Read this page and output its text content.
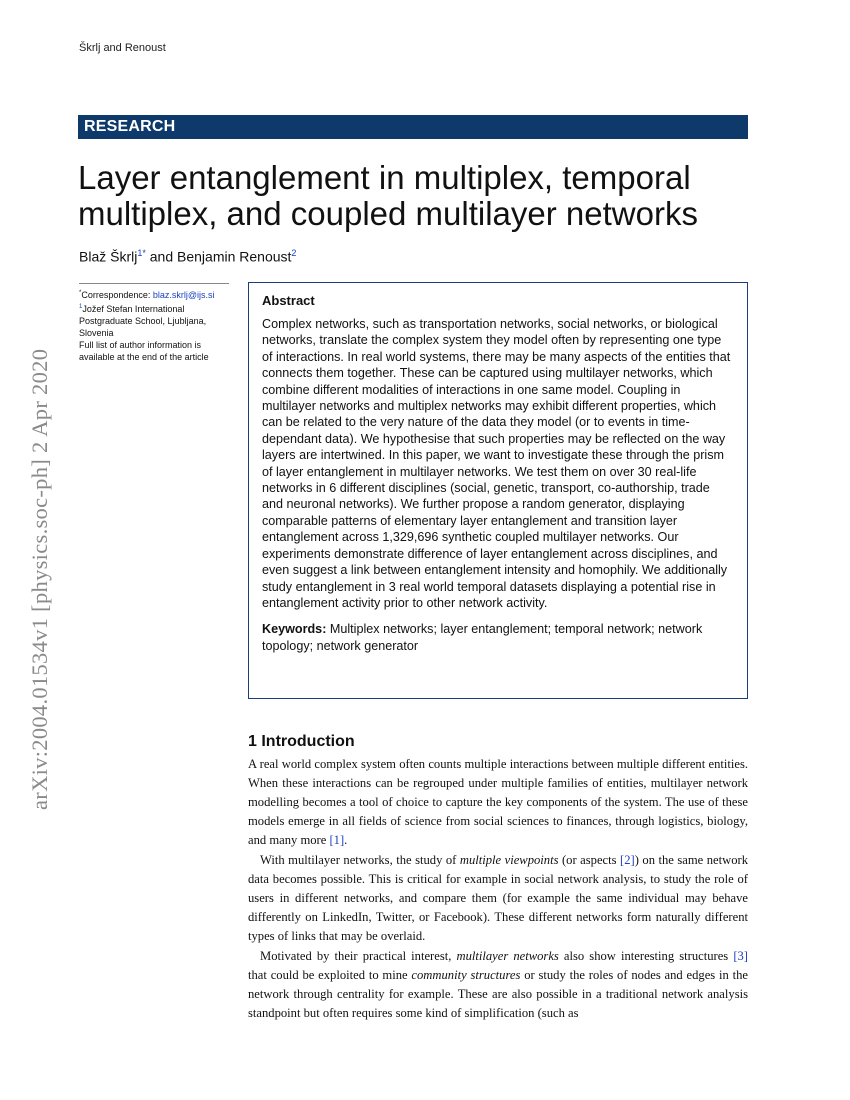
Škrlj and Renoust
RESEARCH
Layer entanglement in multiplex, temporal multiplex, and coupled multilayer networks
Blaž Škrlj$^{1*}$ and Benjamin Renoust$^2$
*Correspondence: blaz.skrlj@ijs.si
$^1$Jožef Stefan International Postgraduate School, Ljubljana, Slovenia
Full list of author information is available at the end of the article
Abstract

Complex networks, such as transportation networks, social networks, or biological networks, translate the complex system they model often by representing one type of interactions. In real world systems, there may be many aspects of the entities that connects them together. These can be captured using multilayer networks, which combine different modalities of interactions in one same model. Coupling in multilayer networks and multiplex networks may exhibit different properties, which can be related to the very nature of the data they model (or to events in time-dependant data). We hypothesise that such properties may be reflected on the way layers are intertwined. In this paper, we want to investigate these through the prism of layer entanglement in multilayer networks. We test them on over 30 real-life networks in 6 different disciplines (social, genetic, transport, co-authorship, trade and neuronal networks). We further propose a random generator, displaying comparable patterns of elementary layer entanglement and transition layer entanglement across 1,329,696 synthetic coupled multilayer networks. Our experiments demonstrate difference of layer entanglement across disciplines, and even suggest a link between entanglement intensity and homophily. We additionally study entanglement in 3 real world temporal datasets displaying a potential rise in entanglement activity prior to other network activity.

Keywords: Multiplex networks; layer entanglement; temporal network; network topology; network generator
1 Introduction

A real world complex system often counts multiple interactions between multiple different entities. When these interactions can be regrouped under multiple families of entities, multilayer network modelling becomes a tool of choice to capture the key components of the system. The use of these models emerge in all fields of science from social sciences to finances, through logistics, biology, and many more [1].

With multilayer networks, the study of multiple viewpoints (or aspects [2]) on the same network data becomes possible. This is critical for example in social network analysis, to study the role of users in different networks, and compare them (for example the same individual may behave differently on LinkedIn, Twitter, or Facebook). These different networks form naturally different types of links that may be overlaid.

Motivated by their practical interest, multilayer networks also show interesting structures [3] that could be exploited to mine community structures or study the roles of nodes and edges in the network through centrality for example. These are also possible in a traditional network analysis standpoint but often requires some kind of simplification (such as

arXiv:2004.01534v1 [physics.soc-ph] 2 Apr 2020
